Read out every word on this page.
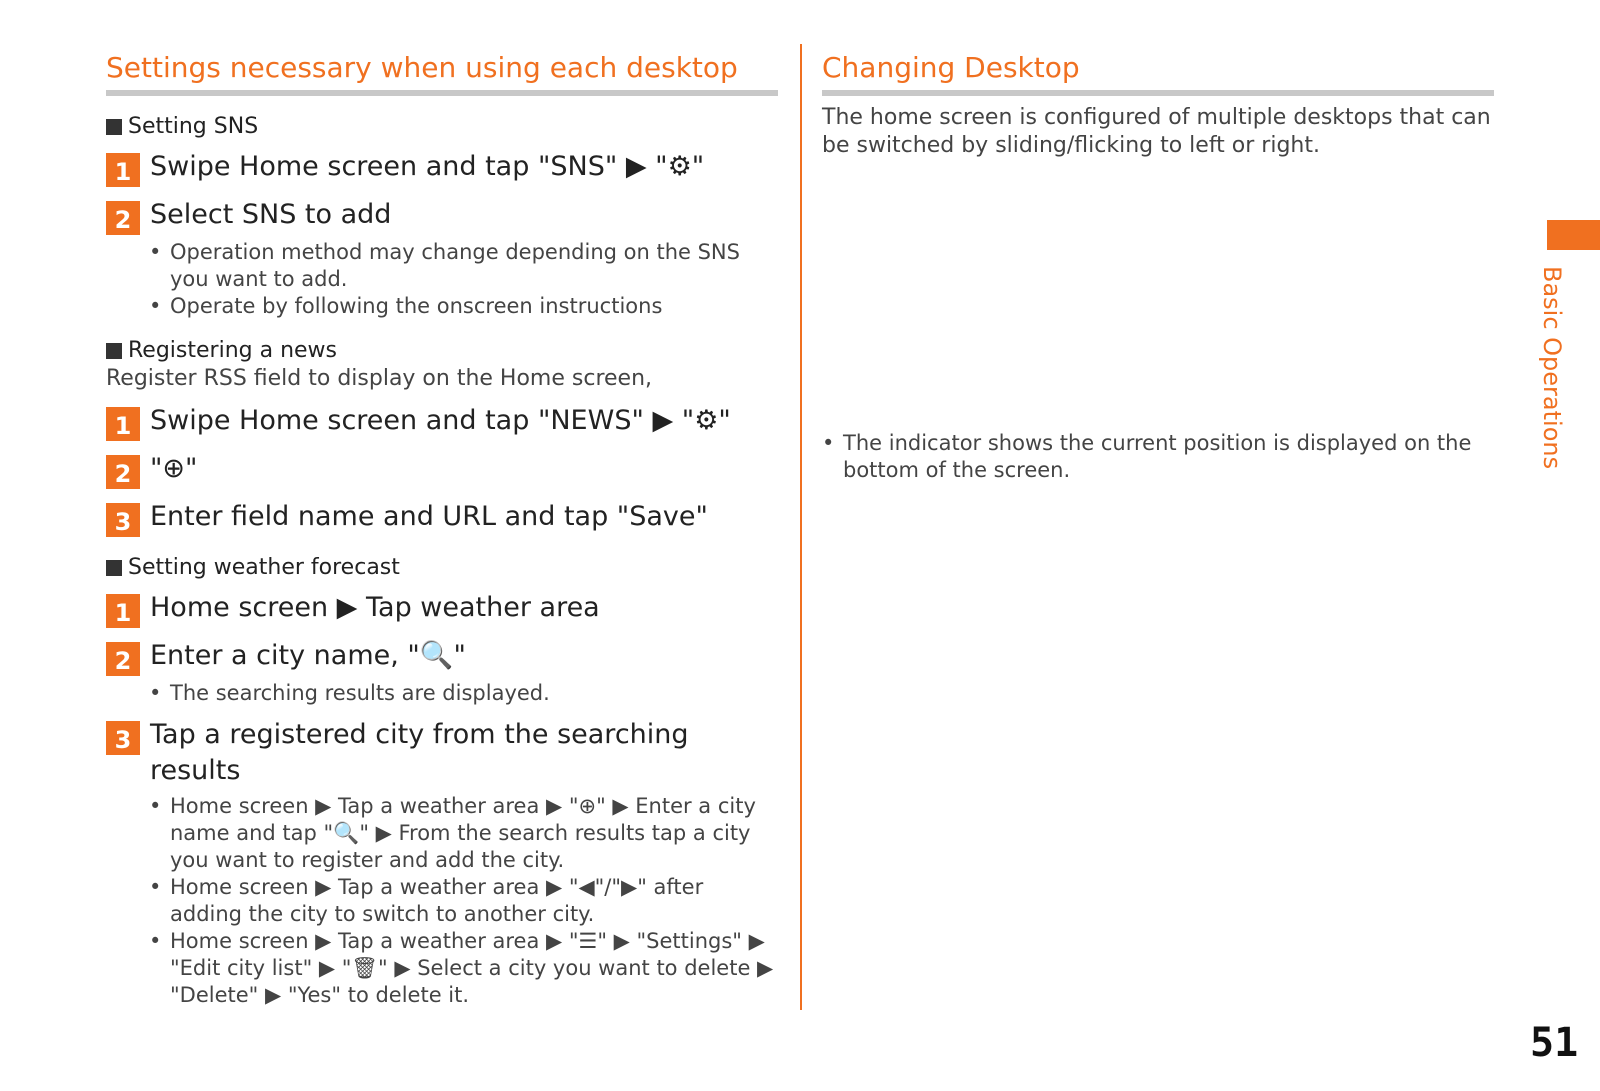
Settings necessary when using each desktop
Setting SNS
1 Swipe Home screen and tap "SNS" ▶ "⚙"
2 Select SNS to add
• Operation method may change depending on the SNS you want to add.
• Operate by following the onscreen instructions
Registering a news

Register RSS field to display on the Home screen,

1 Swipe Home screen and tap "NEWS" ▶ "⚙"
2 "⊕"
3 Enter field name and URL and tap "Save"
Setting weather forecast
1 Home screen ▶ Tap weather area
2 Enter a city name, "🔍"
• The searching results are displayed.
3 Tap a registered city from the searching results
• Home screen ▶ Tap a weather area ▶ "⊕" ▶ Enter a city name and tap "🔍" ▶ From the search results tap a city you want to register and add the city.
• Home screen ▶ Tap a weather area ▶ "◀"/"▶" after adding the city to switch to another city.
• Home screen ▶ Tap a weather area ▶ "☰" ▶ "Settings" ▶ "Edit city list" ▶ "🗑" ▶ Select a city you want to delete ▶ "Delete" ▶ "Yes" to delete it.
Changing Desktop

The home screen is configured of multiple desktops that can be switched by sliding/flicking to left or right.

• The indicator shows the current position is displayed on the bottom of the screen.
Basic Operations
51
